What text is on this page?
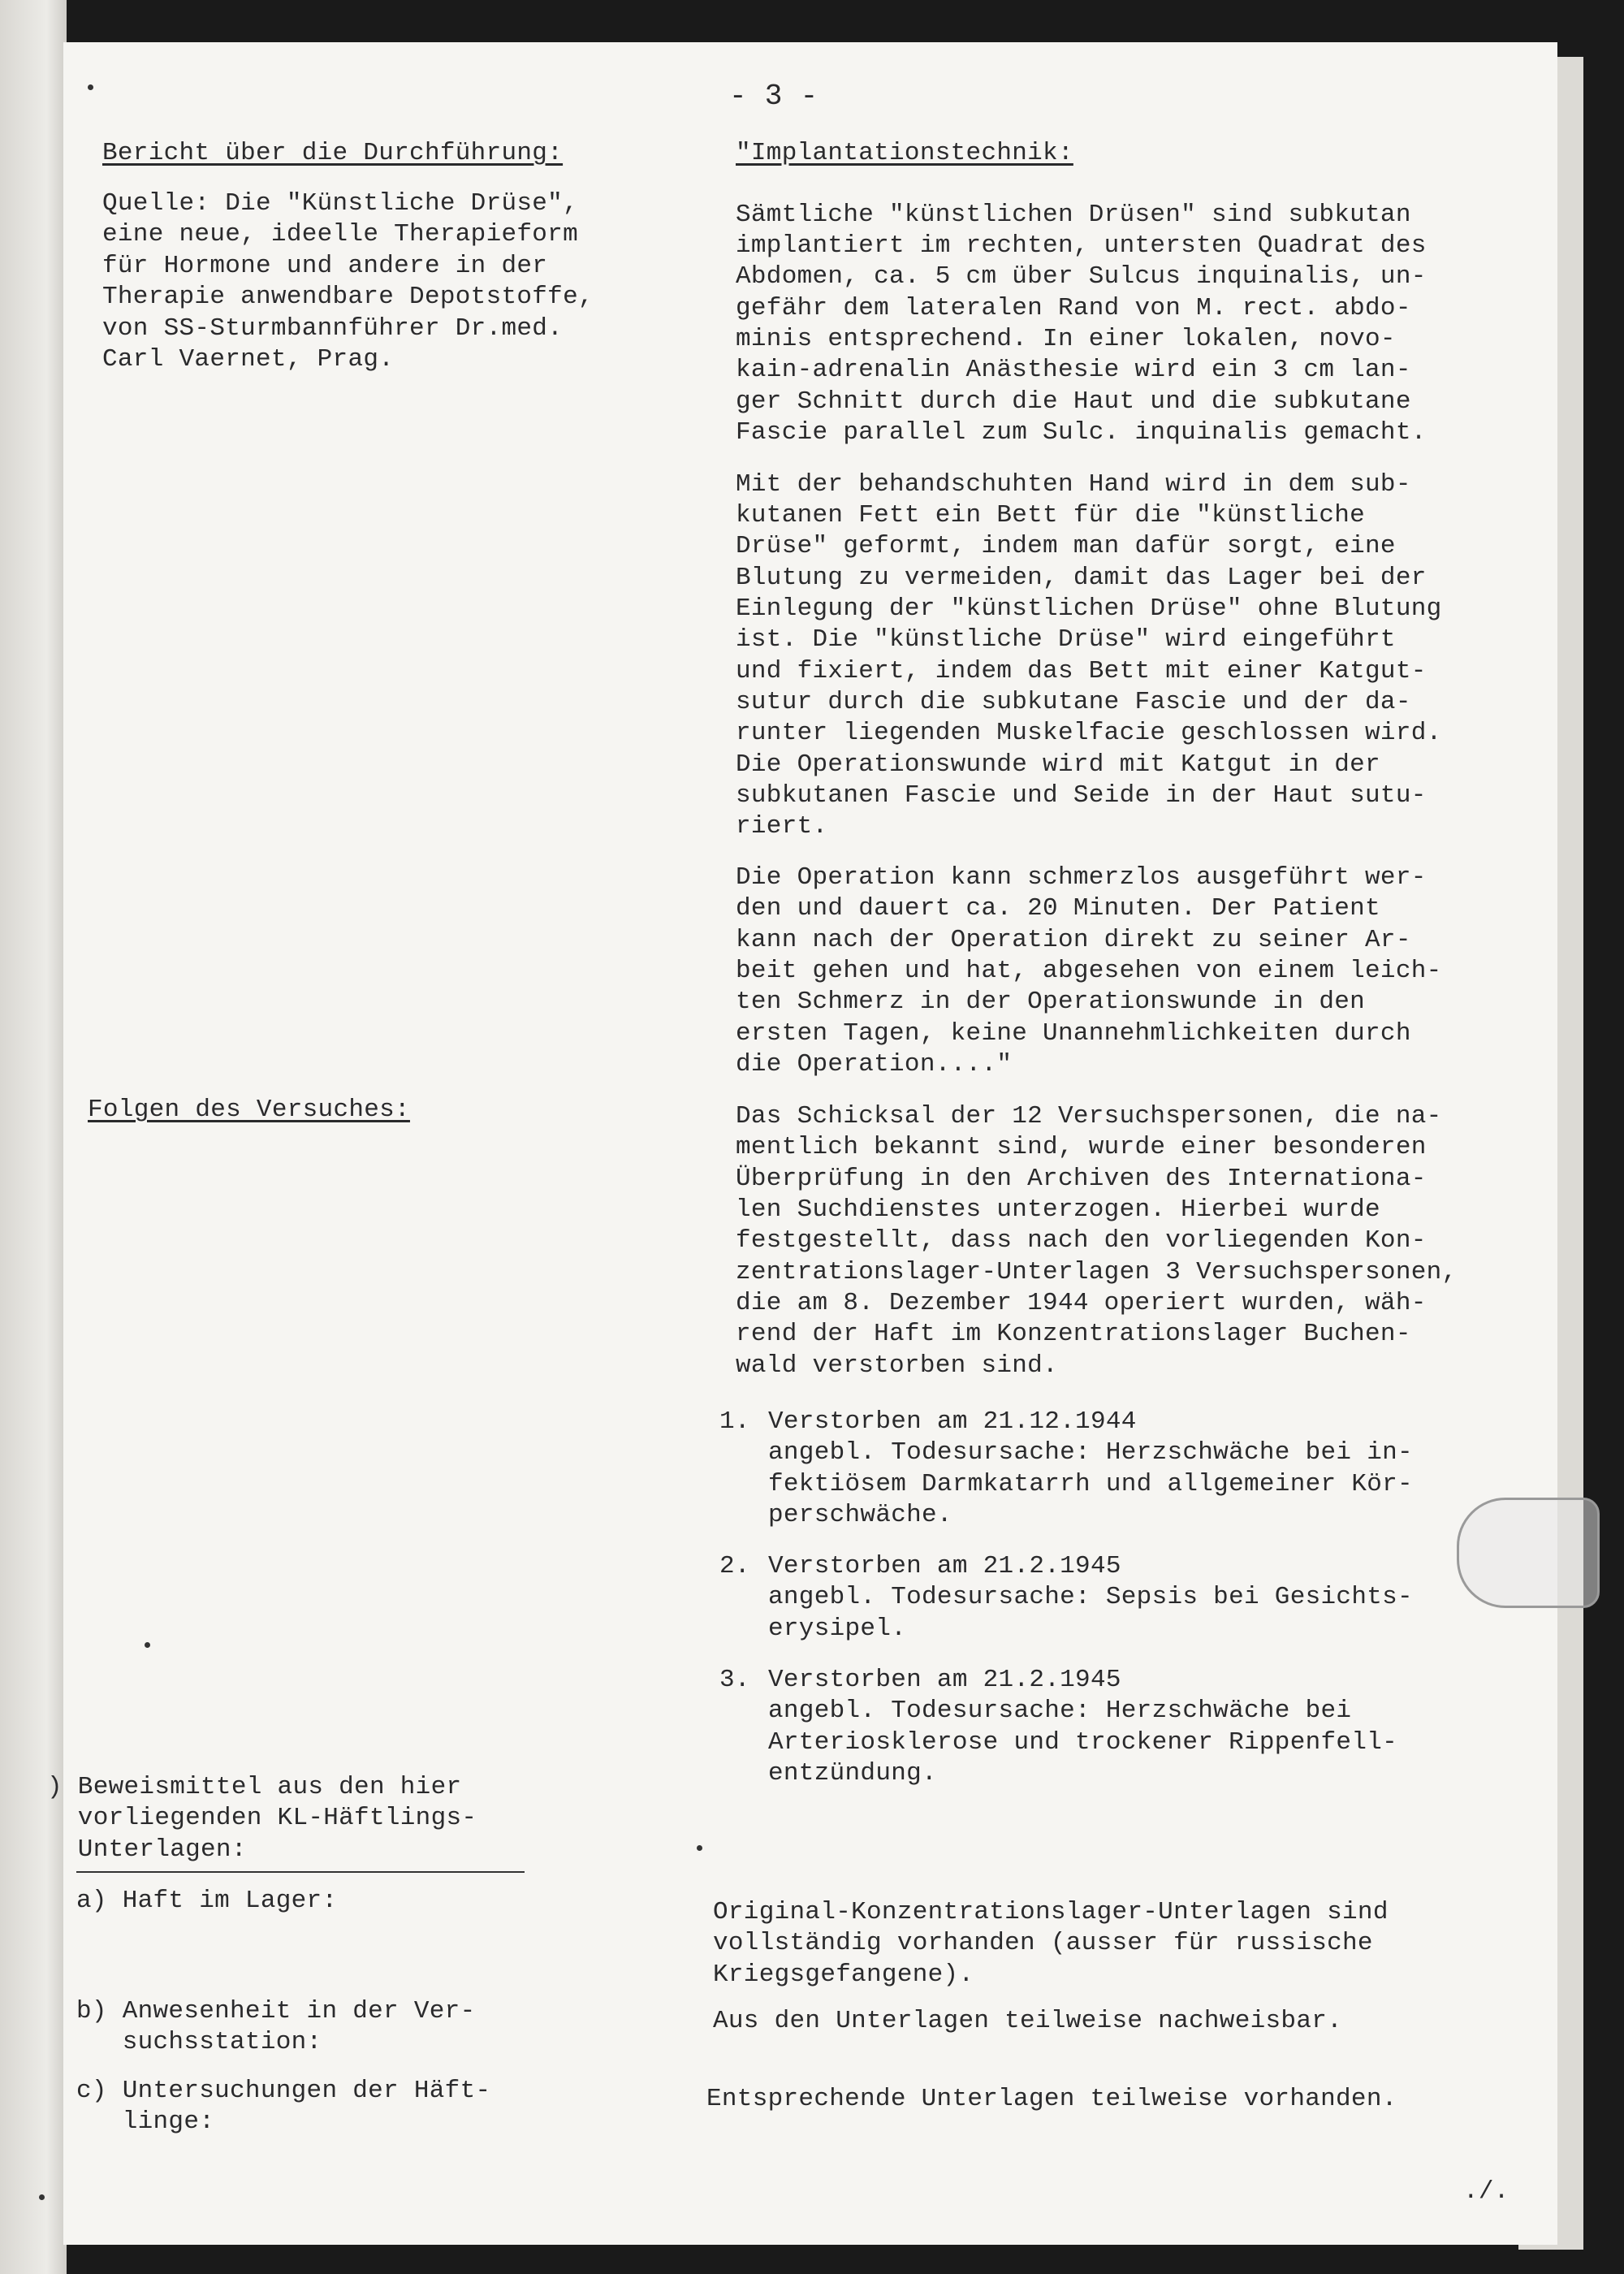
- 3 -
Bericht über die Durchführung:
Quelle: Die "Künstliche Drüse",
eine neue, ideelle Therapieform
für Hormone und andere in der
Therapie anwendbare Depotstoffe,
von SS-Sturmbannführer Dr.med.
Carl Vaernet, Prag.
Folgen des Versuches:
) Beweismittel aus den hier
vorliegenden KL-Häftlings-
Unterlagen:
a) Haft im Lager:
b) Anwesenheit in der Ver-
suchsstation:
c) Untersuchungen der Häft-
linge:
"Implantationstechnik:
Sämtliche "künstlichen Drüsen" sind subkutan
implantiert im rechten, untersten Quadrat des
Abdomen, ca. 5 cm über Sulcus inquinalis, un-
gefähr dem lateralen Rand von M. rect. abdo-
minis entsprechend. In einer lokalen, novo-
kain-adrenalin Anästhesie wird ein 3 cm lan-
ger Schnitt durch die Haut und die subkutane
Fascie parallel zum Sulc. inquinalis gemacht.
Mit der behandschuhten Hand wird in dem sub-
kutanen Fett ein Bett für die "künstliche
Drüse" geformt, indem man dafür sorgt, eine
Blutung zu vermeiden, damit das Lager bei der
Einlegung der "künstlichen Drüse" ohne Blutung
ist. Die "künstliche Drüse" wird eingeführt
und fixiert, indem das Bett mit einer Katgut-
sutur durch die subkutane Fascie und der da-
runter liegenden Muskelfacie geschlossen wird.
Die Operationswunde wird mit Katgut in der
subkutanen Fascie und Seide in der Haut sutu-
riert.
Die Operation kann schmerzlos ausgeführt wer-
den und dauert ca. 20 Minuten. Der Patient
kann nach der Operation direkt zu seiner Ar-
beit gehen und hat, abgesehen von einem leich-
ten Schmerz in der Operationswunde in den
ersten Tagen, keine Unannehmlichkeiten durch
die Operation...."
Das Schicksal der 12 Versuchspersonen, die na-
mentlich bekannt sind, wurde einer besonderen
Überprüfung in den Archiven des Internationa-
len Suchdienstes unterzogen. Hierbei wurde
festgestellt, dass nach den vorliegenden Kon-
zentrationslager-Unterlagen 3 Versuchspersonen,
die am 8. Dezember 1944 operiert wurden, wäh-
rend der Haft im Konzentrationslager Buchen-
wald verstorben sind.
1. Verstorben am 21.12.1944
angebl. Todesursache: Herzschwäche bei in-
fektiösem Darmkatarrh und allgemeiner Kör-
perschwäche.
2. Verstorben am 21.2.1945
angebl. Todesursache: Sepsis bei Gesichts-
erysipel.
3. Verstorben am 21.2.1945
angebl. Todesursache: Herzschwäche bei
Arteriosklerose und trockener Rippenfell-
entzündung.
Original-Konzentrationslager-Unterlagen sind
vollständig vorhanden (ausser für russische
Kriegsgefangene).
Aus den Unterlagen teilweise nachweisbar.
Entsprechende Unterlagen teilweise vorhanden.
./.
